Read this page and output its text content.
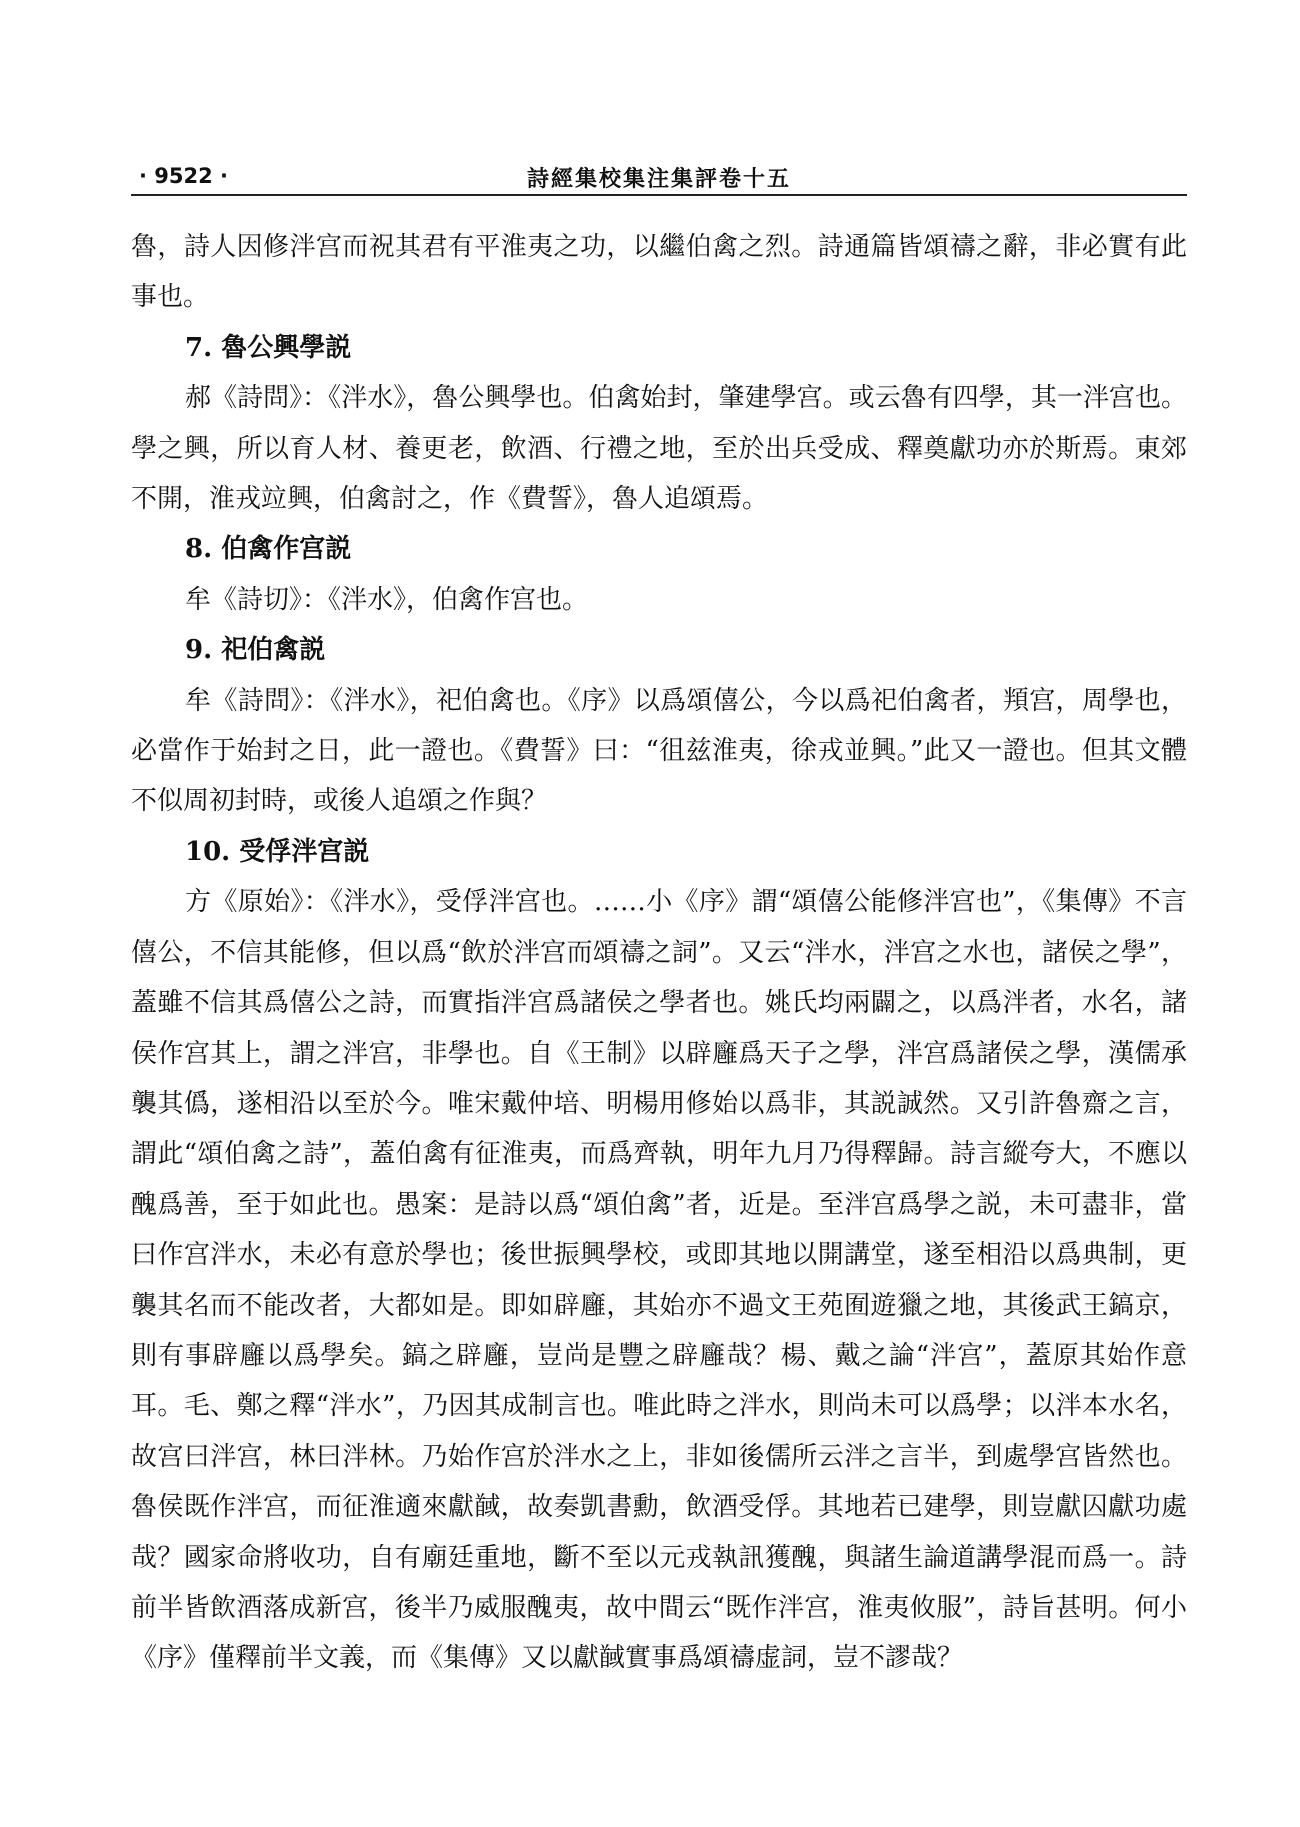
· 9522 ·	詩經集校集注集評卷十五

魯，詩人因修泮宫而祝其君有平淮夷之功，以繼伯禽之烈。詩通篇皆頌禱之辭，非必實有此事也。

7. 魯公興學説

郝《詩問》：《泮水》，魯公興學也。伯禽始封，肇建學宫。或云魯有四學，其一泮宫也。學之興，所以育人材、養更老，飲酒、行禮之地，至於出兵受成、釋奠獻功亦於斯焉。東郊不開，淮戎竝興，伯禽討之，作《費誓》，魯人追頌焉。

8. 伯禽作宫説

牟《詩切》：《泮水》，伯禽作宫也。

9. 祀伯禽説

牟《詩問》：《泮水》，祀伯禽也。《序》以爲頌僖公，今以爲祀伯禽者，頖宫，周學也，必當作于始封之日，此一證也。《費誓》曰：“徂兹淮夷，徐戎並興。”此又一證也。但其文體不似周初封時，或後人追頌之作與？

10. 受俘泮宫説

方《原始》：《泮水》，受俘泮宫也。……小《序》謂“頌僖公能修泮宫也”，《集傳》不言僖公，不信其能修，但以爲“飲於泮宫而頌禱之詞”。又云“泮水，泮宫之水也，諸侯之學”，蓋雖不信其爲僖公之詩，而實指泮宫爲諸侯之學者也。姚氏均兩闢之，以爲泮者，水名，諸侯作宫其上，謂之泮宫，非學也。自《王制》以辟廱爲天子之學，泮宫爲諸侯之學，漢儒承襲其僞，遂相沿以至於今。唯宋戴仲培、明楊用修始以爲非，其説誠然。又引許魯齋之言，謂此“頌伯禽之詩”，蓋伯禽有征淮夷，而爲齊執，明年九月乃得釋歸。詩言縱夸大，不應以醜爲善，至于如此也。愚案：是詩以爲“頌伯禽”者，近是。至泮宫爲學之説，未可盡非，當曰作宫泮水，未必有意於學也；後世振興學校，或即其地以開講堂，遂至相沿以爲典制，更襲其名而不能改者，大都如是。即如辟廱，其始亦不過文王苑囿遊獵之地，其後武王鎬京，則有事辟廱以爲學矣。鎬之辟廱，豈尚是豐之辟廱哉？楊、戴之論“泮宫”，蓋原其始作意耳。毛、鄭之釋“泮水”，乃因其成制言也。唯此時之泮水，則尚未可以爲學；以泮本水名，故宫曰泮宫，林曰泮林。乃始作宫於泮水之上，非如後儒所云泮之言半，到處學宫皆然也。魯侯既作泮宫，而征淮適來獻馘，故奏凱書勳，飲酒受俘。其地若已建學，則豈獻囚獻功處哉？國家命將收功，自有廟廷重地，斷不至以元戎執訊獲醜，與諸生論道講學混而爲一。詩前半皆飲酒落成新宫，後半乃威服醜夷，故中間云“既作泮宫，淮夷攸服”，詩旨甚明。何小《序》僅釋前半文義，而《集傳》又以獻馘實事爲頌禱虚詞，豈不謬哉？
